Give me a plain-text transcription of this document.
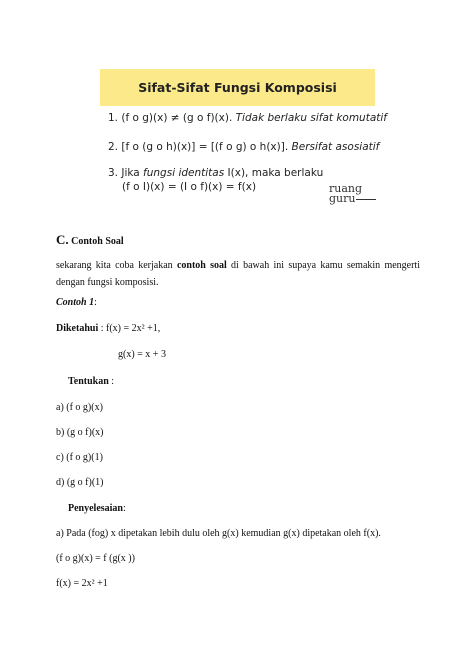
Sifat-Sifat Fungsi Komposisi
1. (f o g)(x) ≠ (g o f)(x). Tidak berlaku sifat komutatif
2. [f o (g o h)(x)] = [(f o g) o h(x)]. Bersifat asosiatif
3. Jika fungsi identitas I(x), maka berlaku
(f o I)(x) = (I o f)(x) = f(x)	ruang
guru
C. Contoh Soal
sekarang kita coba kerjakan contoh soal di bawah ini supaya kamu semakin mengerti dengan fungsi komposisi.
Contoh 1:
Diketahui : f(x) = 2x² +1,
g(x) = x + 3
Tentukan :
a) (f o g)(x)
b) (g o f)(x)
c) (f o g)(1)
d) (g o f)(1)
Penyelesaian:
a) Pada (fog) x dipetakan lebih dulu oleh g(x) kemudian g(x) dipetakan oleh f(x).
(f o g)(x) = f (g(x ))
f(x) = 2x² +1
